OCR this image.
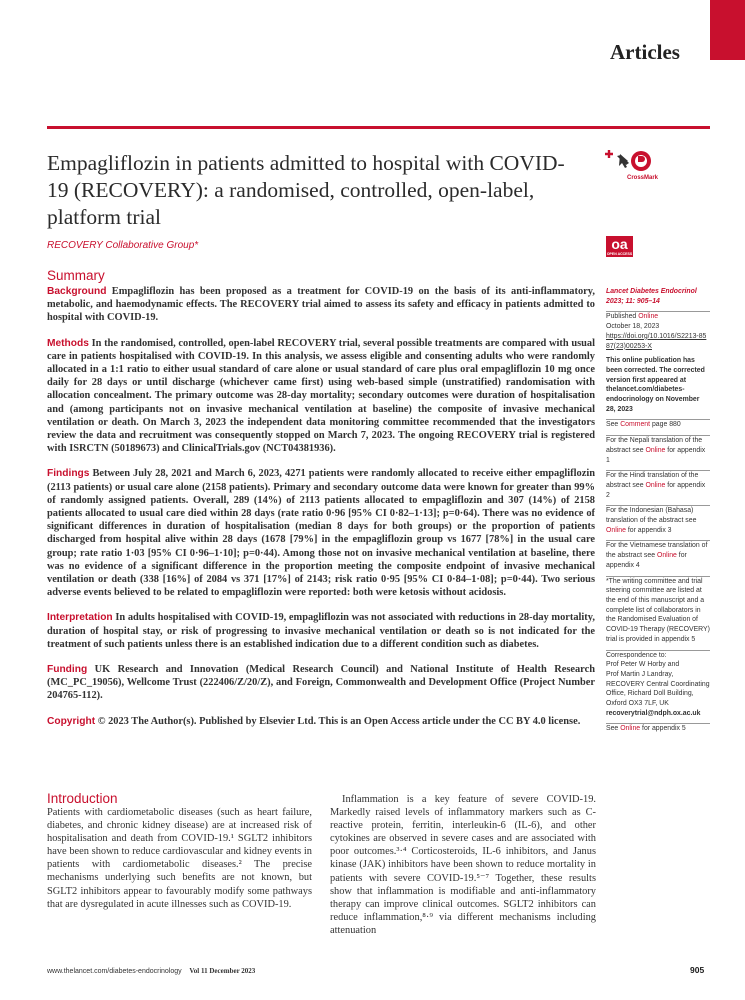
Articles
Empagliflozin in patients admitted to hospital with COVID-19 (RECOVERY): a randomised, controlled, open-label, platform trial
RECOVERY Collaborative Group*
CrossMark
oa
OPEN ACCESS
Summary

Background Empagliflozin has been proposed as a treatment for COVID-19 on the basis of its anti-inflammatory, metabolic, and haemodynamic effects. The RECOVERY trial aimed to assess its safety and efficacy in patients admitted to hospital with COVID-19.

Methods In the randomised, controlled, open-label RECOVERY trial, several possible treatments are compared with usual care in patients hospitalised with COVID-19. In this analysis, we assess eligible and consenting adults who were randomly allocated in a 1:1 ratio to either usual standard of care alone or usual standard of care plus oral empagliflozin 10 mg once daily for 28 days or until discharge (whichever came first) using web-based simple (unstratified) randomisation with allocation concealment. The primary outcome was 28-day mortality; secondary outcomes were duration of hospitalisation and (among participants not on invasive mechanical ventilation at baseline) the composite of invasive mechanical ventilation or death. On March 3, 2023 the independent data monitoring committee recommended that the investigators review the data and recruitment was consequently stopped on March 7, 2023. The ongoing RECOVERY trial is registered with ISRCTN (50189673) and ClinicalTrials.gov (NCT04381936).

Findings Between July 28, 2021 and March 6, 2023, 4271 patients were randomly allocated to receive either empagliflozin (2113 patients) or usual care alone (2158 patients). Primary and secondary outcome data were known for greater than 99% of randomly assigned patients. Overall, 289 (14%) of 2113 patients allocated to empagliflozin and 307 (14%) of 2158 patients allocated to usual care died within 28 days (rate ratio 0·96 [95% CI 0·82–1·13]; p=0·64). There was no evidence of significant differences in duration of hospitalisation (median 8 days for both groups) or the proportion of patients discharged from hospital alive within 28 days (1678 [79%] in the empagliflozin group vs 1677 [78%] in the usual care group; rate ratio 1·03 [95% CI 0·96–1·10]; p=0·44). Among those not on invasive mechanical ventilation at baseline, there was no evidence of a significant difference in the proportion meeting the composite endpoint of invasive mechanical ventilation or death (338 [16%] of 2084 vs 371 [17%] of 2143; risk ratio 0·95 [95% CI 0·84–1·08]; p=0·44). Two serious adverse events believed to be related to empagliflozin were reported: both were ketosis without acidosis.

Interpretation In adults hospitalised with COVID-19, empagliflozin was not associated with reductions in 28-day mortality, duration of hospital stay, or risk of progressing to invasive mechanical ventilation or death so is not indicated for the treatment of such patients unless there is an established indication due to a different condition such as diabetes.

Funding UK Research and Innovation (Medical Research Council) and National Institute of Health Research (MC_PC_19056), Wellcome Trust (222406/Z/20/Z), and Foreign, Commonwealth and Development Office (Project Number 204765-112).

Copyright © 2023 The Author(s). Published by Elsevier Ltd. This is an Open Access article under the CC BY 4.0 license.

Lancet Diabetes Endocrinol 2023; 11: 905–14
Published Online
October 18, 2023
https://doi.org/10.1016/S2213-8587(23)00253-X
This online publication has been corrected. The corrected version first appeared at thelancet.com/diabetes-endocrinology on November 28, 2023
See Comment page 880
For the Nepali translation of the abstract see Online for appendix 1
For the Hindi translation of the abstract see Online for appendix 2
For the Indonesian (Bahasa) translation of the abstract see Online for appendix 3
For the Vietnamese translation of the abstract see Online for appendix 4
*The writing committee and trial steering committee are listed at the end of this manuscript and a complete list of collaborators in the Randomised Evaluation of COVID-19 Therapy (RECOVERY) trial is provided in appendix 5
Correspondence to:
Prof Peter W Horby and
Prof Martin J Landray,
RECOVERY Central Coordinating Office, Richard Doll Building, Oxford OX3 7LF, UK
recoverytrial@ndph.ox.ac.uk
See Online for appendix 5
Introduction

Patients with cardiometabolic diseases (such as heart failure, diabetes, and chronic kidney disease) are at increased risk of hospitalisation and death from COVID-19.¹ SGLT2 inhibitors have been shown to reduce cardiovascular and kidney events in patients with cardiometabolic diseases.² The precise mechanisms underlying such benefits are not known, but SGLT2 inhibitors appear to favourably modify some pathways that are dysregulated in acute illnesses such as COVID-19.

Inflammation is a key feature of severe COVID-19. Markedly raised levels of inflammatory markers such as C-reactive protein, ferritin, interleukin-6 (IL-6), and other cytokines are observed in severe cases and are associated with poor outcomes.³·⁴ Corticosteroids, IL-6 inhibitors, and Janus kinase (JAK) inhibitors have been shown to reduce mortality in patients with severe COVID-19.⁵⁻⁷ Together, these results show that inflammation is modifiable and anti-inflammatory therapy can improve clinical outcomes. SGLT2 inhibitors can reduce inflammation,⁸·⁹ via different mechanisms including attenuation

www.thelancet.com/diabetes-endocrinology Vol 11 December 2023	905
